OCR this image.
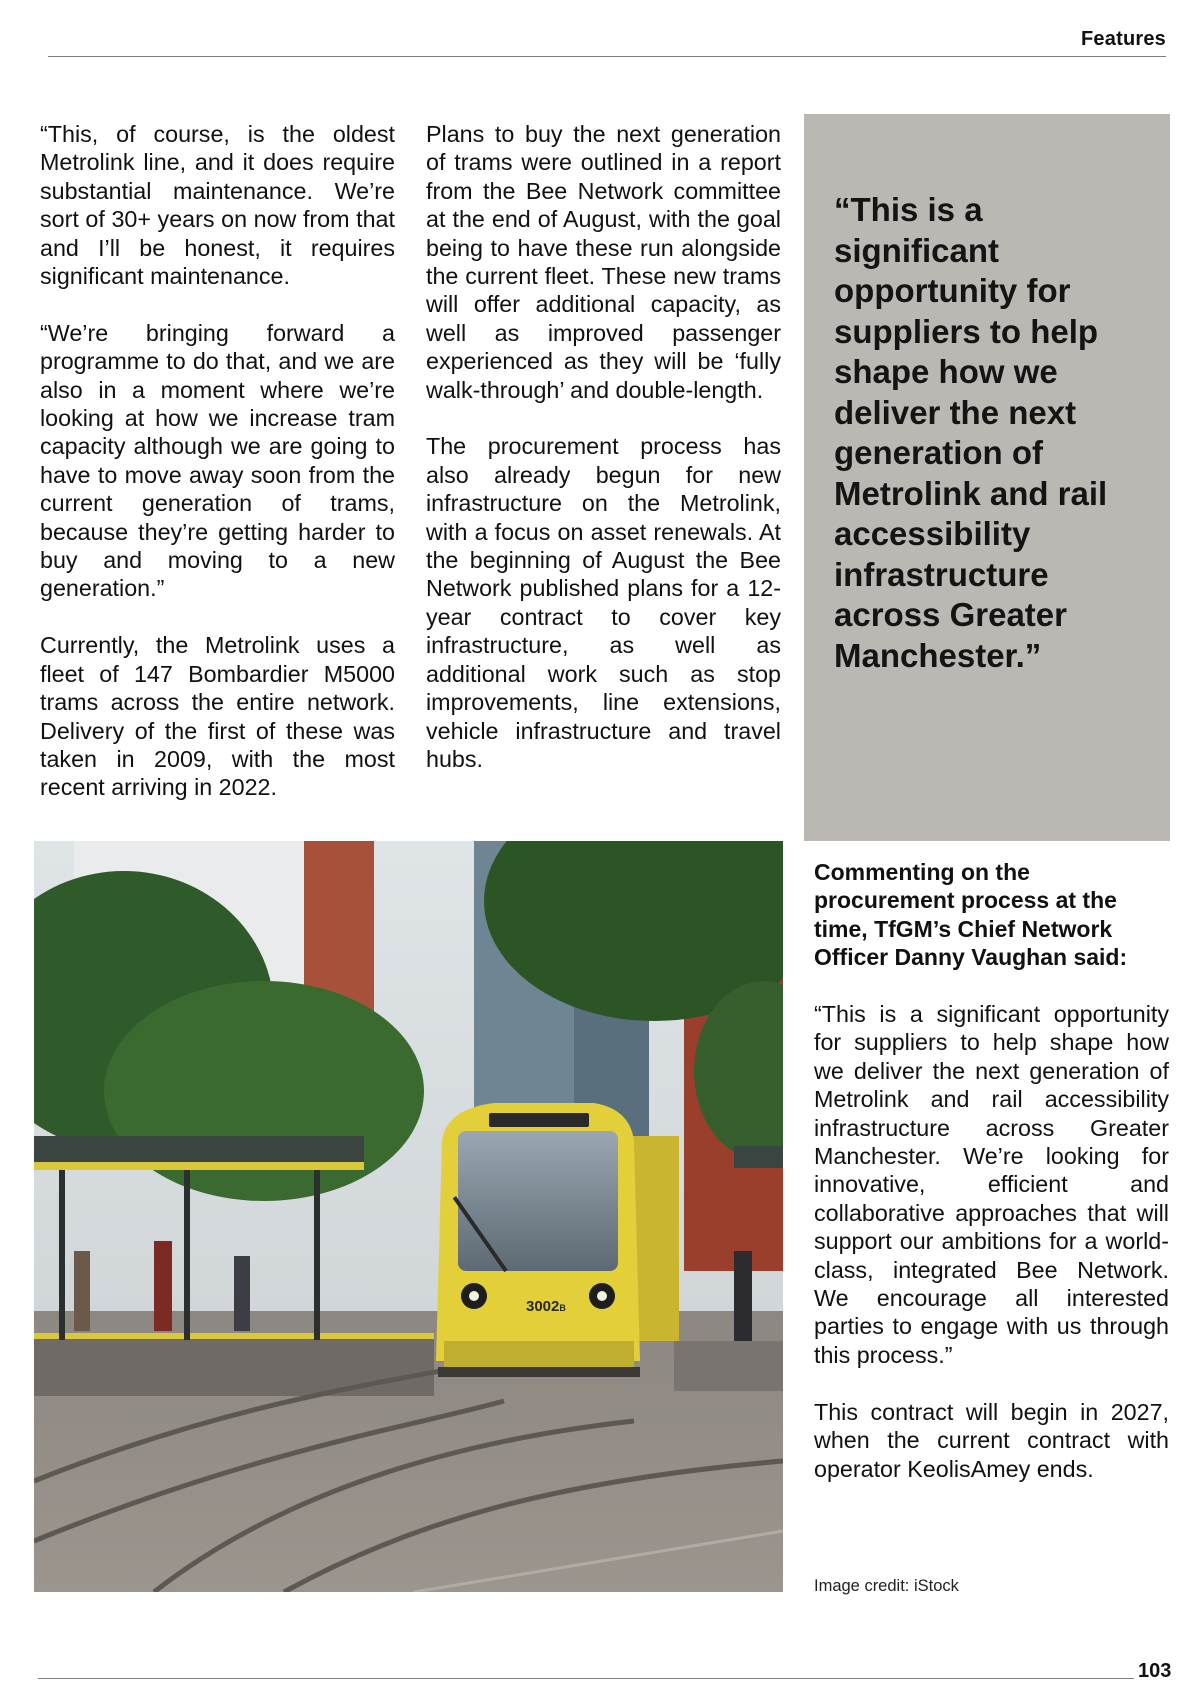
Features

“This, of course, is the oldest Metrolink line, and it does require substantial maintenance. We’re sort of 30+ years on now from that and I’ll be honest, it requires significant maintenance.

“We’re bringing forward a programme to do that, and we are also in a moment where we’re looking at how we increase tram capacity although we are going to have to move away soon from the current generation of trams, because they’re getting harder to buy and moving to a new generation.”

Currently, the Metrolink uses a fleet of 147 Bombardier M5000 trams across the entire network. Delivery of the first of these was taken in 2009, with the most recent arriving in 2022.

Plans to buy the next generation of trams were outlined in a report from the Bee Network committee at the end of August, with the goal being to have these run alongside the current fleet. These new trams will offer additional capacity, as well as improved passenger experienced as they will be ‘fully walk-through’ and double-length.

The procurement process has also already begun for new infrastructure on the Metrolink, with a focus on asset renewals. At the beginning of August the Bee Network published plans for a 12-year contract to cover key infrastructure, as well as additional work such as stop improvements, line extensions, vehicle infrastructure and travel hubs.

“This is a significant opportunity for suppliers to help shape how we deliver the next generation of Metrolink and rail accessibility infrastructure across Greater Manchester.”

3002B

Commenting on the procurement process at the time, TfGM’s Chief Network Officer Danny Vaughan said:

“This is a significant opportunity for suppliers to help shape how we deliver the next generation of Metrolink and rail accessibility infrastructure across Greater Manchester. We’re looking for innovative, efficient and collaborative approaches that will support our ambitions for a world-class, integrated Bee Network. We encourage all interested parties to engage with us through this process.”

This contract will begin in 2027, when the current contract with operator KeolisAmey ends.

Image credit: iStock
103
